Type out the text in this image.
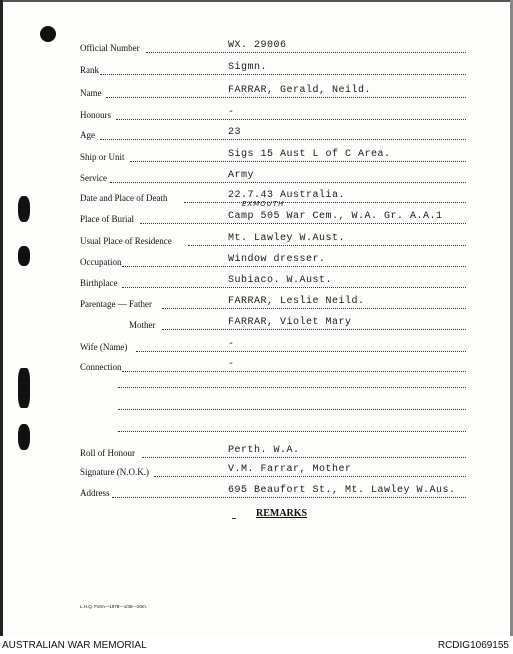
Official Number	WX. 29006
Rank	Sigmn.
Name	FARRAR, Gerald, Neild.
Honours	-
Age	23
Ship or Unit	Sigs 15 Aust L of C Area.
Service	Army
Date and Place of Death	22.7.43 Australia.
EXMOUTH
Place of Burial	Camp 505 War Cem., W.A. Gr. A.A.1
Usual Place of Residence	Mt. Lawley W.Aust.
Occupation	Window dresser.
Birthplace	Subiaco. W.Aust.
Parentage — Father	FARRAR, Leslie Neild.
Mother	FARRAR, Violet Mary
Wife (Name)	-
Connection	-
Roll of Honour	Perth. W.A.
Signature (N.O.K.)	V.M. Farrar, Mother
Address	695 Beaufort St., Mt. Lawley W.Aus.
REMARKS
L.H.Q. Form—1978—1/45—20m.
AUSTRALIAN WAR MEMORIAL	RCDIG1069155
